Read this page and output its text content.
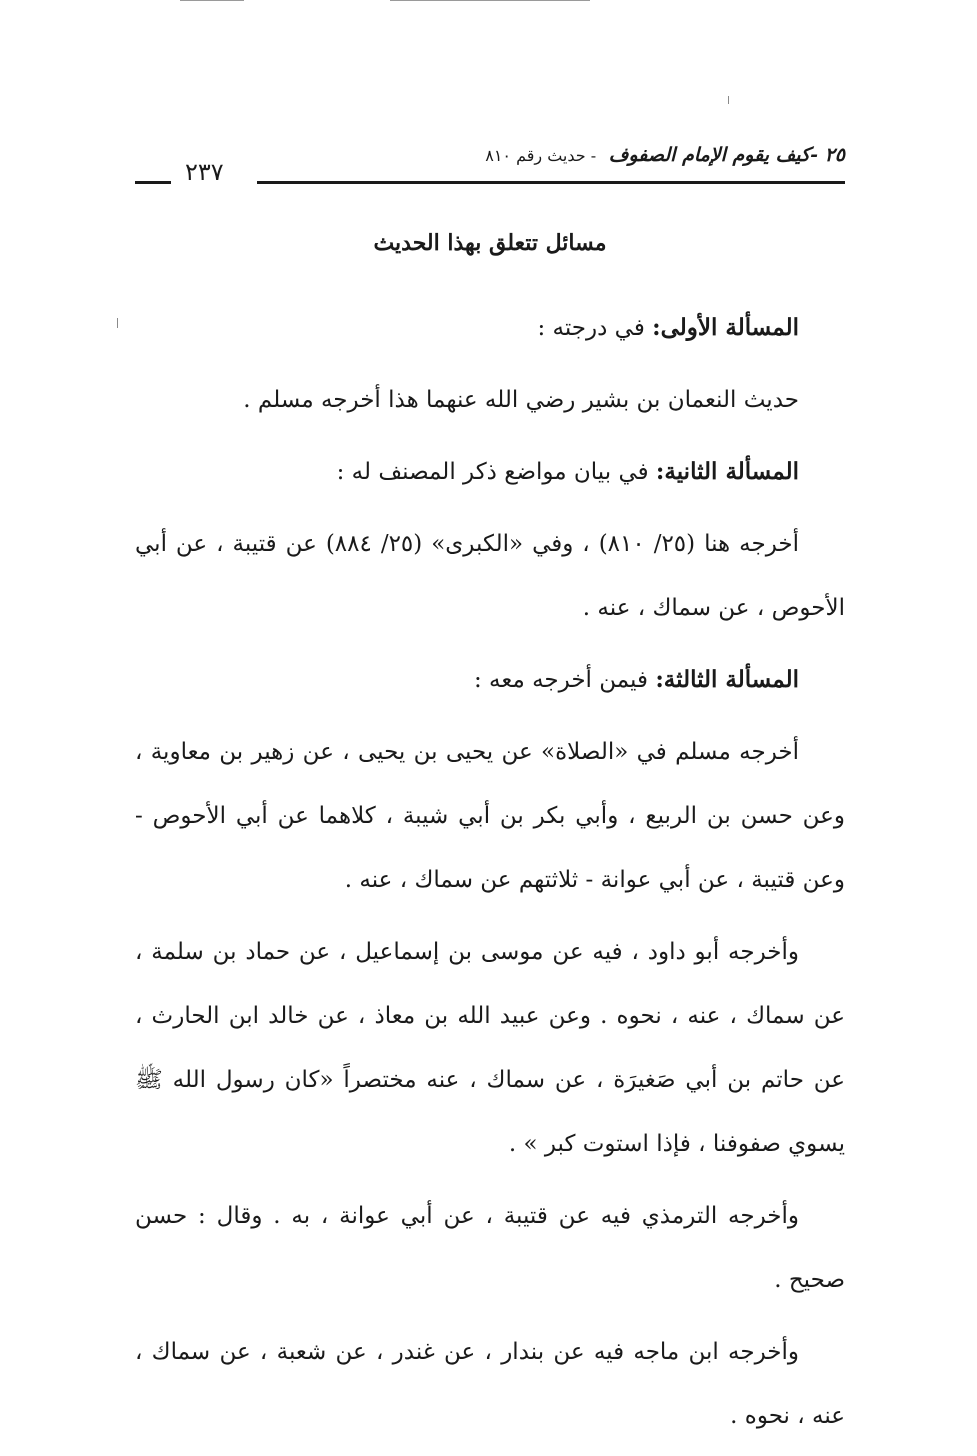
٢٥ -كيف يقوم الإمام الصفوف - حديث رقم ٨١٠
٢٣٧
مسائل تتعلق بهذا الحديث

المسألة الأولى: في درجته :

حديث النعمان بن بشير رضي الله عنهما هذا أخرجه مسلم .

المسألة الثانية: في بيان مواضع ذكر المصنف له :

أخرجه هنا (٢٥/ ٨١٠) ، وفي «الكبرى» (٢٥/ ٨٨٤) عن قتيبة ، عن أبي الأحوص ، عن سماك ، عنه .

المسألة الثالثة: فيمن أخرجه معه :

أخرجه مسلم في «الصلاة» عن يحيى بن يحيى ، عن زهير بن معاوية ، وعن حسن بن الربيع ، وأبي بكر بن أبي شيبة ، كلاهما عن أبي الأحوص - وعن قتيبة ، عن أبي عوانة - ثلاثتهم عن سماك ، عنه .

وأخرجه أبو داود ، فيه عن موسى بن إسماعيل ، عن حماد بن سلمة ، عن سماك ، عنه ، نحوه . وعن عبيد الله بن معاذ ، عن خالد ابن الحارث ، عن حاتم بن أبي صَغيرَة ، عن سماك ، عنه مختصراً «كان رسول الله ﷺ يسوي صفوفنا ، فإذا استوت كبر » .

وأخرجه الترمذي فيه عن قتيبة ، عن أبي عوانة ، به . وقال : حسن صحيح .

وأخرجه ابن ماجه فيه عن بندار ، عن غندر ، عن شعبة ، عن سماك ، عنه ، نحوه .
